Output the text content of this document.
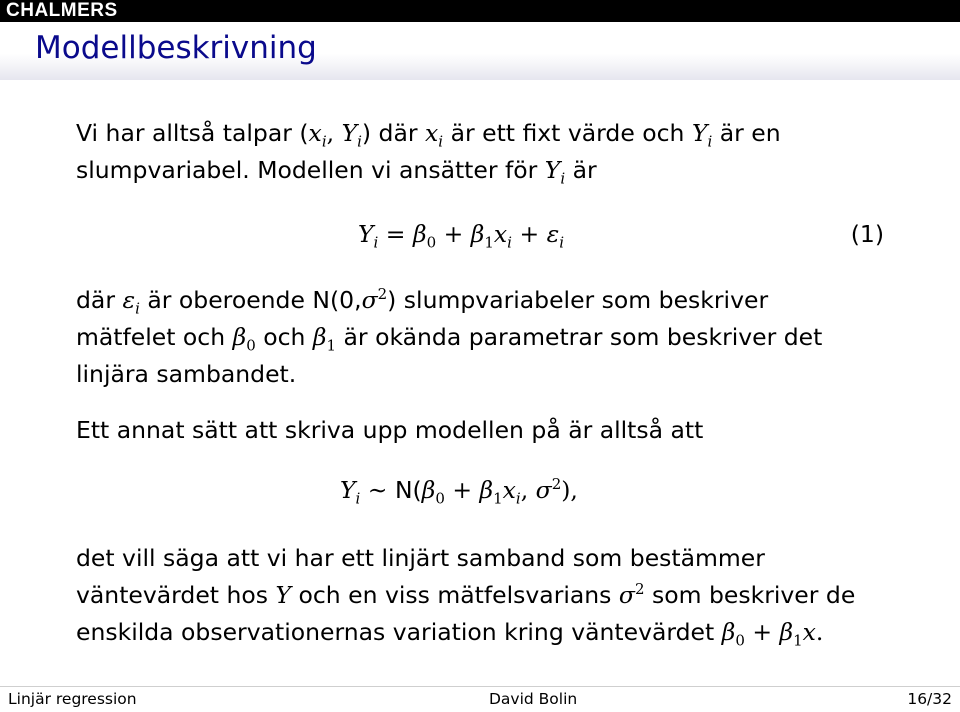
CHALMERS
Modellbeskrivning
Vi har alltså talpar ($x_i$, $Y_i$) där $x_i$ är ett fixt värde och $Y_i$ är en
slumpvariabel. Modellen vi ansätter för $Y_i$ är
$Y_i = \beta_0 + \beta_1x_i + \varepsilon_i$	(1)
där $\varepsilon_i$ är oberoende $N(0,\sigma^2)$ slumpvariabeler som beskriver
mätfelet och $\beta_0$ och $\beta_1$ är okända parametrar som beskriver det
linjära sambandet.
Ett annat sätt att skriva upp modellen på är alltså att
$Y_i$ ∼ $N(\beta_0 + \beta_1x_i$, $\sigma^2$),
det vill säga att vi har ett linjärt samband som bestämmer
väntevärdet hos Y och en viss mätfelsvarians $\sigma^2$ som beskriver de
enskilda observationernas variation kring väntevärdet $\beta_0 + \beta_1x$.
Linjär regression	David Bolin	16/32
